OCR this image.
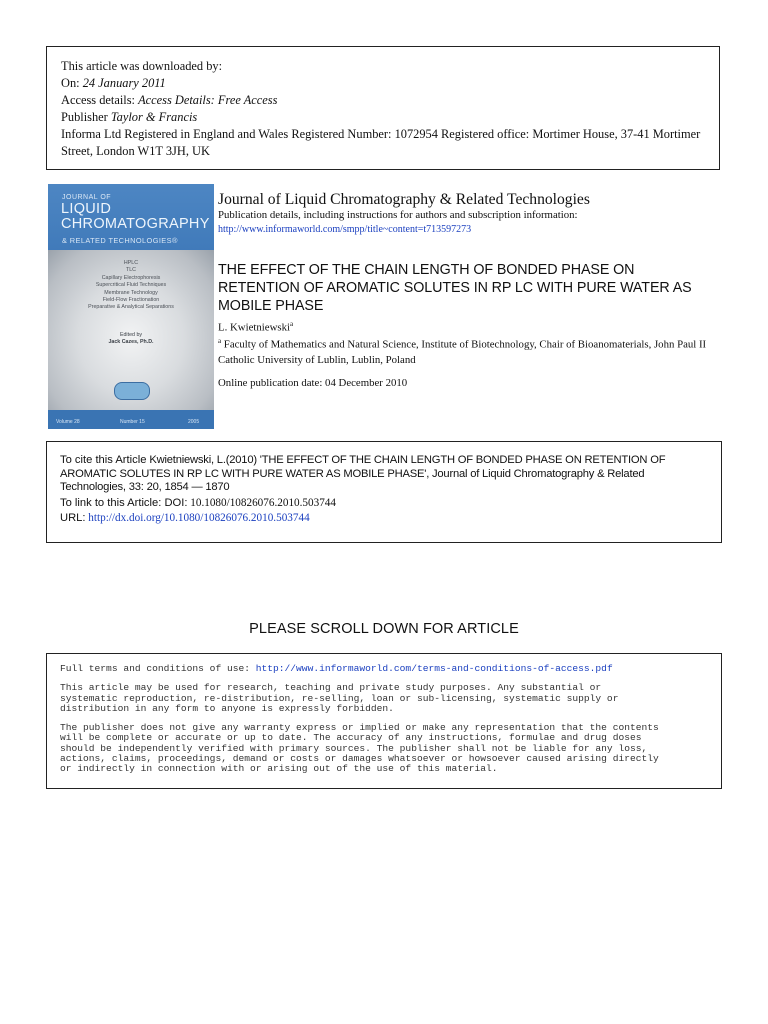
This article was downloaded by:
On: 24 January 2011
Access details: Access Details: Free Access
Publisher Taylor & Francis
Informa Ltd Registered in England and Wales Registered Number: 1072954 Registered office: Mortimer House, 37-41 Mortimer Street, London W1T 3JH, UK
JOURNAL OF
LIQUID
CHROMATOGRAPHY
& RELATED TECHNOLOGIES®
HPLC
TLC
Capillary Electrophoresis
Supercritical Fluid Techniques
Membrane Technology
Field-Flow Fractionation
Preparative & Analytical Separations
Edited by
Jack Cazes, Ph.D.
Volume 28	Number 15	2005
Journal of Liquid Chromatography & Related Technologies
Publication details, including instructions for authors and subscription information:
http://www.informaworld.com/smpp/title~content=t713597273
THE EFFECT OF THE CHAIN LENGTH OF BONDED PHASE ON RETENTION OF AROMATIC SOLUTES IN RP LC WITH PURE WATER AS MOBILE PHASE
L. Kwietniewski$^a$
$^a$ Faculty of Mathematics and Natural Science, Institute of Biotechnology, Chair of Bioanomaterials, John Paul II Catholic University of Lublin, Lublin, Poland
Online publication date: 04 December 2010
To cite this Article Kwietniewski, L.(2010) 'THE EFFECT OF THE CHAIN LENGTH OF BONDED PHASE ON RETENTION OF AROMATIC SOLUTES IN RP LC WITH PURE WATER AS MOBILE PHASE', Journal of Liquid Chromatography & Related Technologies, 33: 20, 1854 — 1870
To link to this Article: DOI: 10.1080/10826076.2010.503744
URL: http://dx.doi.org/10.1080/10826076.2010.503744
PLEASE SCROLL DOWN FOR ARTICLE

Full terms and conditions of use: http://www.informaworld.com/terms-and-conditions-of-access.pdf

This article may be used for research, teaching and private study purposes. Any substantial or
systematic reproduction, re-distribution, re-selling, loan or sub-licensing, systematic supply or
distribution in any form to anyone is expressly forbidden.

The publisher does not give any warranty express or implied or make any representation that the contents
will be complete or accurate or up to date. The accuracy of any instructions, formulae and drug doses
should be independently verified with primary sources. The publisher shall not be liable for any loss,
actions, claims, proceedings, demand or costs or damages whatsoever or howsoever caused arising directly
or indirectly in connection with or arising out of the use of this material.
